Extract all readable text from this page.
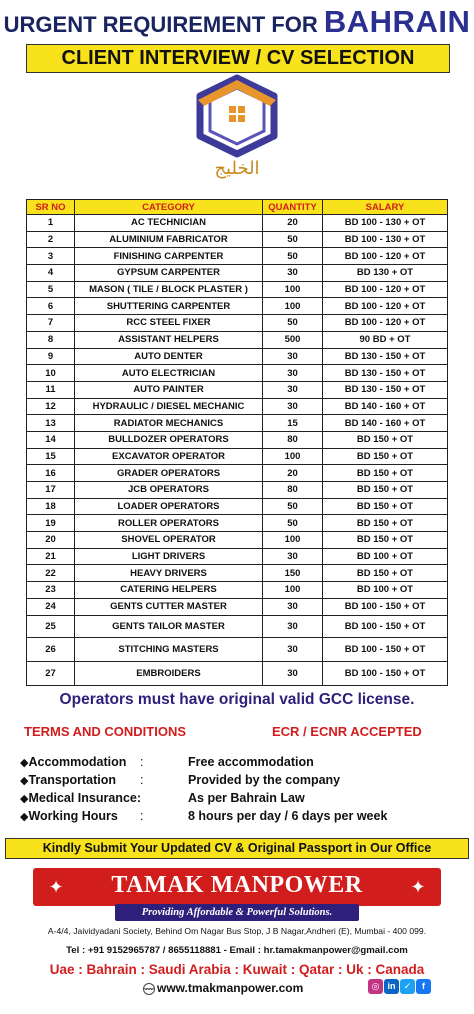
URGENT REQUIREMENT FOR BAHRAIN
CLIENT INTERVIEW / CV SELECTION
الخليج
SR NO	CATEGORY	QUANTITY	SALARY
1	AC TECHNICIAN	20	BD 100 - 130 + OT
2	ALUMINIUM FABRICATOR	50	BD 100 - 130 + OT
3	FINISHING CARPENTER	50	BD 100 - 120 + OT
4	GYPSUM CARPENTER	30	BD 130 + OT
5	MASON ( TILE / BLOCK PLASTER )	100	BD 100 - 120 + OT
6	SHUTTERING CARPENTER	100	BD 100 - 120 + OT
7	RCC STEEL FIXER	50	BD 100 - 120 + OT
8	ASSISTANT HELPERS	500	90 BD + OT
9	AUTO DENTER	30	BD 130 - 150 + OT
10	AUTO ELECTRICIAN	30	BD 130 - 150 + OT
11	AUTO PAINTER	30	BD 130 - 150 + OT
12	HYDRAULIC / DIESEL MECHANIC	30	BD 140 - 160 + OT
13	RADIATOR MECHANICS	15	BD 140 - 160 + OT
14	BULLDOZER OPERATORS	80	BD 150 + OT
15	EXCAVATOR OPERATOR	100	BD 150 + OT
16	GRADER OPERATORS	20	BD 150 + OT
17	JCB OPERATORS	80	BD 150 + OT
18	LOADER OPERATORS	50	BD 150 + OT
19	ROLLER OPERATORS	50	BD 150 + OT
20	SHOVEL OPERATOR	100	BD 150 + OT
21	LIGHT DRIVERS	30	BD 100 + OT
22	HEAVY DRIVERS	150	BD 150 + OT
23	CATERING HELPERS	100	BD 100 + OT
24	GENTS CUTTER MASTER	30	BD 100 - 150 + OT
25	GENTS TAILOR MASTER	30	BD 100 - 150 + OT
26	STITCHING MASTERS	30	BD 100 - 150 + OT
27	EMBROIDERS	30	BD 100 - 150 + OT
Operators must have original valid GCC license.
TERMS AND CONDITIONS	ECR / ECNR ACCEPTED
◆Accommodation :	Free accommodation
◆Transportation :	Provided by the company
◆Medical Insurance:	As per Bahrain Law
◆Working Hours :	8 hours per day / 6 days per week
Kindly Submit Your Updated CV & Original Passport in Our Office
✦	TAMAK MANPOWER	✦
Providing Affordable & Powerful Solutions.
A-4/4, Jaividyadani Society, Behind Om Nagar Bus Stop, J B Nagar,Andheri (E), Mumbai - 400 099.
Tel : +91 9152965787 / 8655118881 - Email : hr.tamakmanpower@gmail.com
Uae : Bahrain : Saudi Arabia : Kuwait : Qatar : Uk : Canada
www www.tmakmanpower.com	◎ in ✓ f
